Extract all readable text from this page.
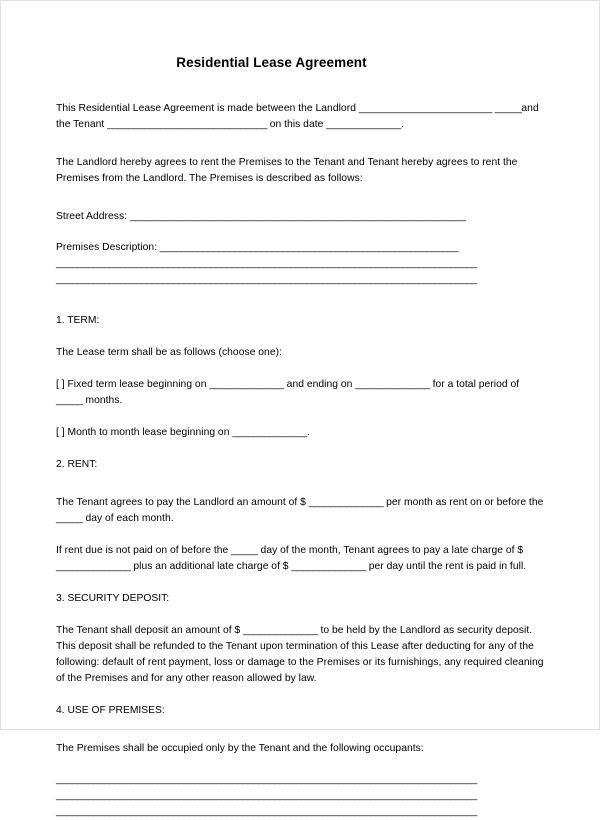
Residential Lease Agreement

This Residential Lease Agreement is made between the Landlord _________________________ _____and the Tenant ______________________________ on this date ______________.

The Landlord hereby agrees to rent the Premises to the Tenant and Tenant hereby agrees to rent the Premises from the Landlord. The Premises is described as follows:

Street Address: _______________________________________________________________

Premises Description: ________________________________________________________

_______________________________________________________________________________
_______________________________________________________________________________

1. TERM:

The Lease term shall be as follows (choose one):

[ ] Fixed term lease beginning on ______________ and ending on ______________ for a total period of _____ months.

[ ] Month to month lease beginning on ______________.

2. RENT:

The Tenant agrees to pay the Landlord an amount of $ ______________ per month as rent on or before the _____ day of each month.

If rent due is not paid on of before the _____ day of the month, Tenant agrees to pay a late charge of $ ______________ plus an additional late charge of $ ______________ per day until the rent is paid in full.

3. SECURITY DEPOSIT:

The Tenant shall deposit an amount of $ ______________ to be held by the Landlord as security deposit. This deposit shall be refunded to the Tenant upon termination of this Lease after deducting for any of the following: default of rent payment, loss or damage to the Premises or its furnishings, any required cleaning of the Premises and for any other reason allowed by law.

4. USE OF PREMISES:

The Premises shall be occupied only by the Tenant and the following occupants:

_______________________________________________________________________________
_______________________________________________________________________________
_______________________________________________________________________________
